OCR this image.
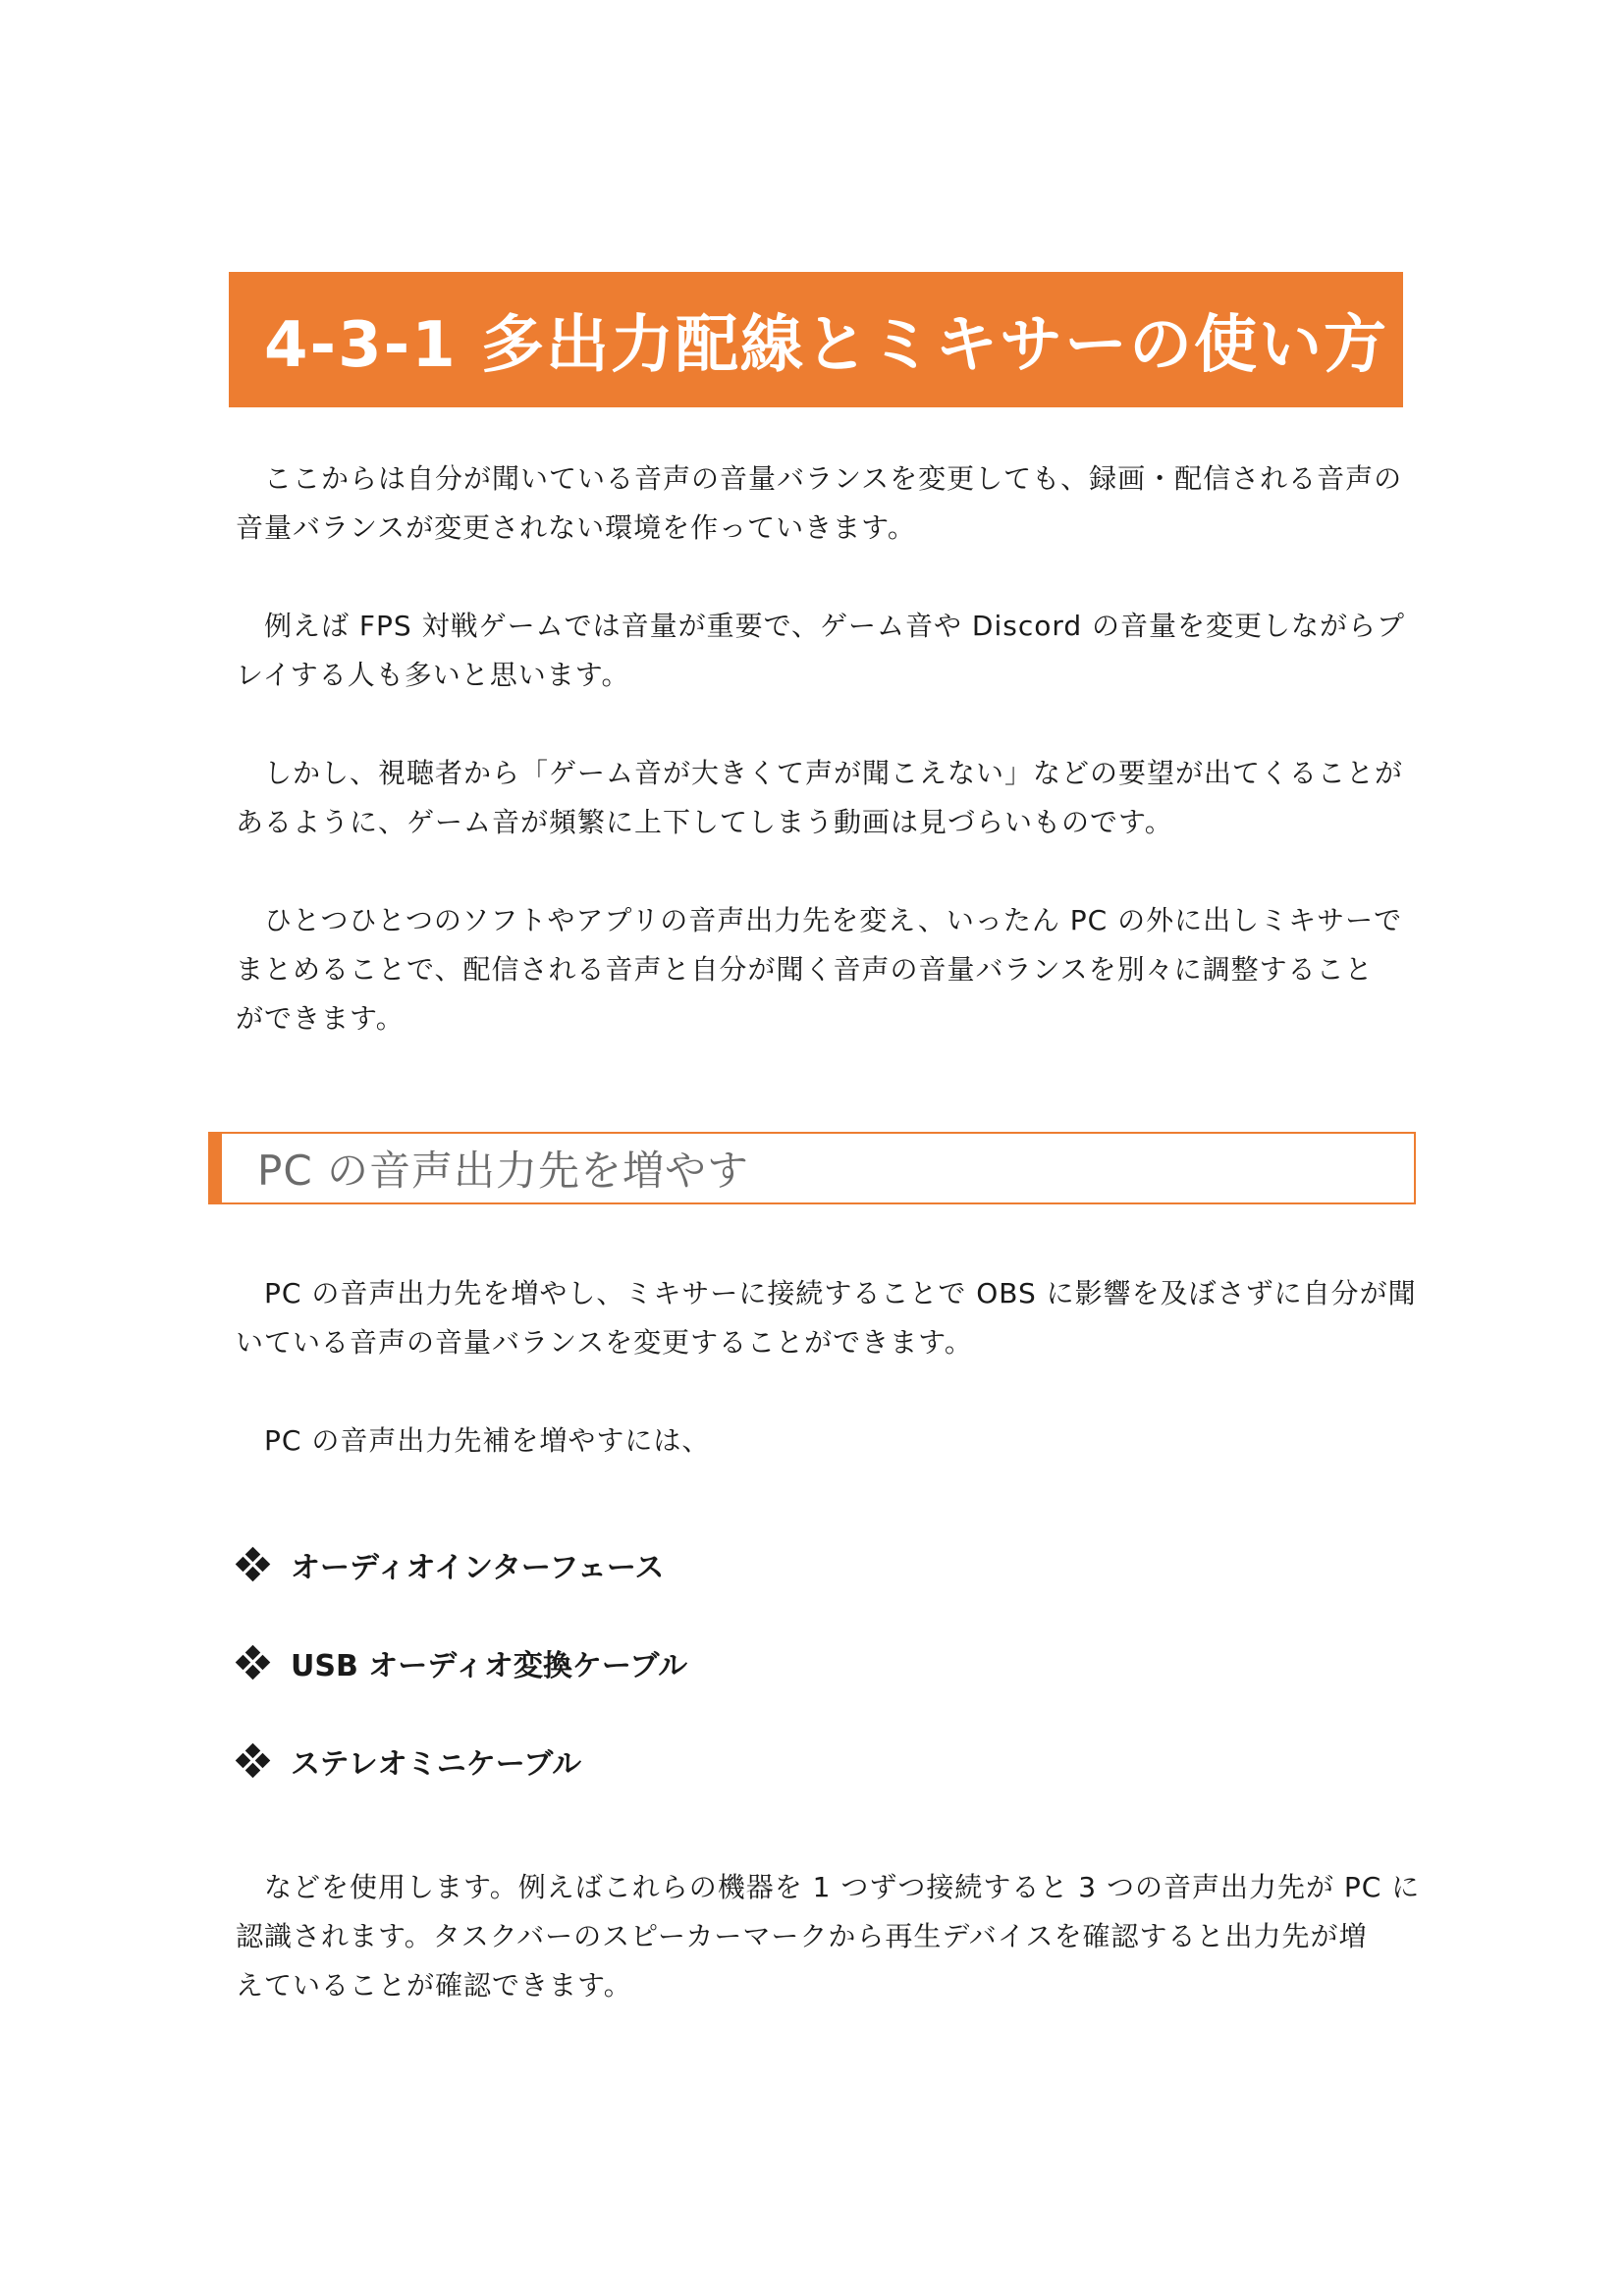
4-3-1 多出力配線とミキサーの使い方
　ここからは自分が聞いている音声の音量バランスを変更しても、録画・配信される音声の
音量バランスが変更されない環境を作っていきます。
　例えば FPS 対戦ゲームでは音量が重要で、ゲーム音や Discord の音量を変更しながらプ
レイする人も多いと思います。
　しかし、視聴者から「ゲーム音が大きくて声が聞こえない」などの要望が出てくることが
あるように、ゲーム音が頻繁に上下してしまう動画は見づらいものです。
　ひとつひとつのソフトやアプリの音声出力先を変え、いったん PC の外に出しミキサーで
まとめることで、配信される音声と自分が聞く音声の音量バランスを別々に調整すること
ができます。
PC の音声出力先を増やす
　PC の音声出力先を増やし、ミキサーに接続することで OBS に影響を及ぼさずに自分が聞
いている音声の音量バランスを変更することができます。
　PC の音声出力先補を増やすには、
オーディオインターフェース
USB オーディオ変換ケーブル
ステレオミニケーブル
　などを使用します。例えばこれらの機器を 1 つずつ接続すると 3 つの音声出力先が PC に
認識されます。タスクバーのスピーカーマークから再生デバイスを確認すると出力先が増
えていることが確認できます。
